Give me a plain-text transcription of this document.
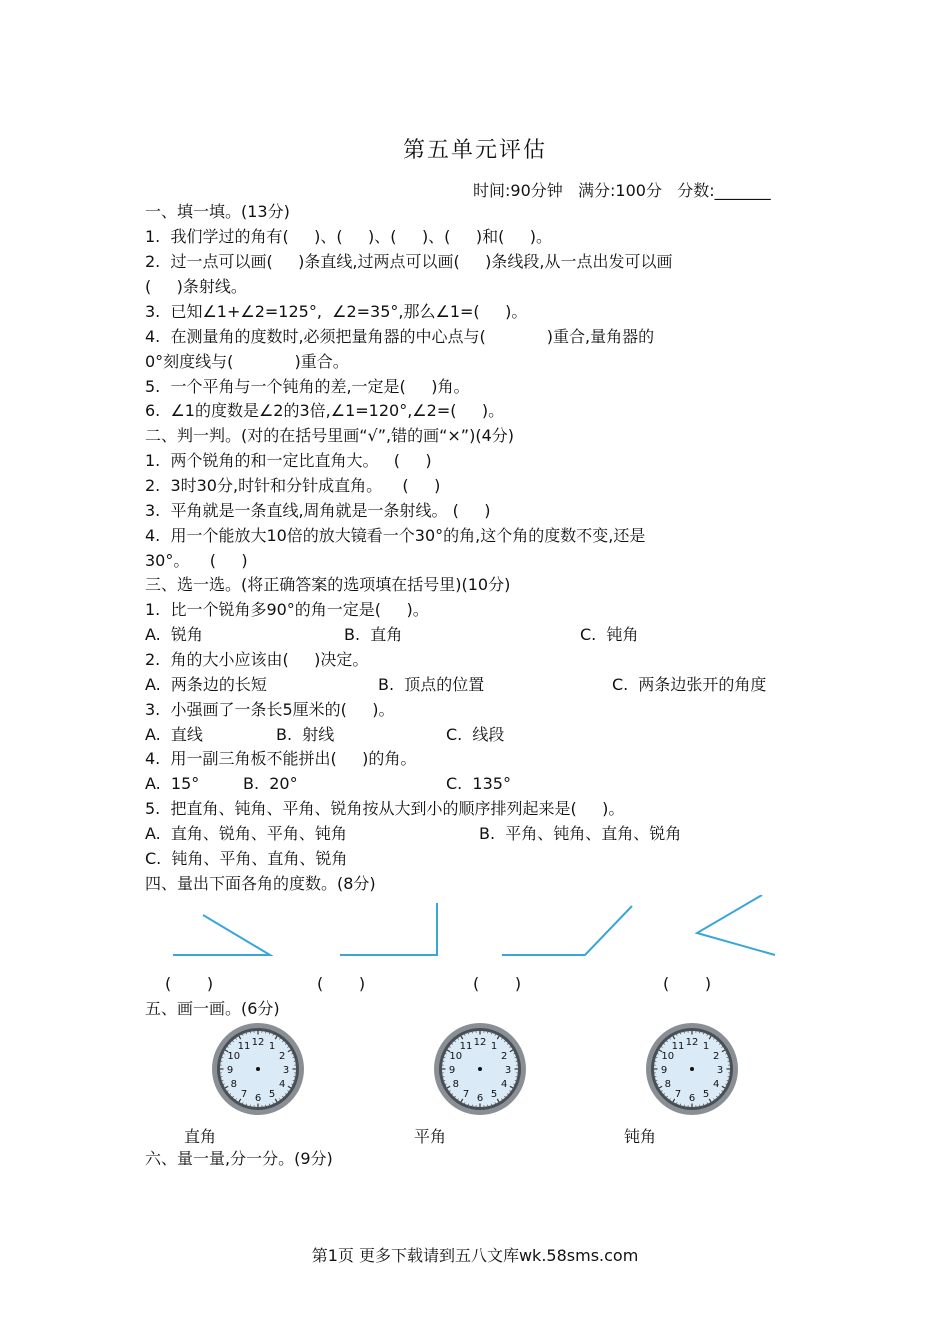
第五单元评估
时间:90分钟   满分:100分   分数:_______
一、填一填。(13分)
1.  我们学过的角有(     )、(     )、(     )、(     )和(     )。
2.  过一点可以画(     )条直线,过两点可以画(     )条线段,从一点出发可以画
(     )条射线。
3.  已知∠1+∠2=125°,  ∠2=35°,那么∠1=(     )。
4.  在测量角的度数时,必须把量角器的中心点与(            )重合,量角器的
0°刻度线与(            )重合。
5.  一个平角与一个钝角的差,一定是(     )角。
6.  ∠1的度数是∠2的3倍,∠1=120°,∠2=(     )。
二、判一判。(对的在括号里画“√”,错的画“×”)(4分)
1.  两个锐角的和一定比直角大。   (     )
2.  3时30分,时针和分针成直角。    (     )
3.  平角就是一条直线,周角就是一条射线。 (     )
4.  用一个能放大10倍的放大镜看一个30°的角,这个角的度数不变,还是
30°。    (     )
三、选一选。(将正确答案的选项填在括号里)(10分)
1.  比一个锐角多90°的角一定是(     )。
A.  锐角	B.  直角	C.  钝角
2.  角的大小应该由(     )决定。
A.  两条边的长短	B.  顶点的位置	C.  两条边张开的角度
3.  小强画了一条长5厘米的(     )。
A.  直线	B.  射线	C.  线段
4.  用一副三角板不能拼出(     )的角。
A.  15°	B.  20°	C.  135°
5.  把直角、钝角、平角、锐角按从大到小的顺序排列起来是(     )。
A.  直角、锐角、平角、钝角	B.  平角、钝角、直角、锐角
C.  钝角、平角、直角、锐角
四、量出下面各角的度数。(8分)
(       )	(       )	(       )	(       )
五、画一画。(6分)
12 1
2
3
4
5
6
7
8
9
10
11	12 1
2
3
4
5
6
7
8
9
10
11	12 1
2
3
4
5
6
7
8
9
10
11
直角	平角	钝角
六、量一量,分一分。(9分)
第1页 更多下载请到五八文库wk.58sms.com
